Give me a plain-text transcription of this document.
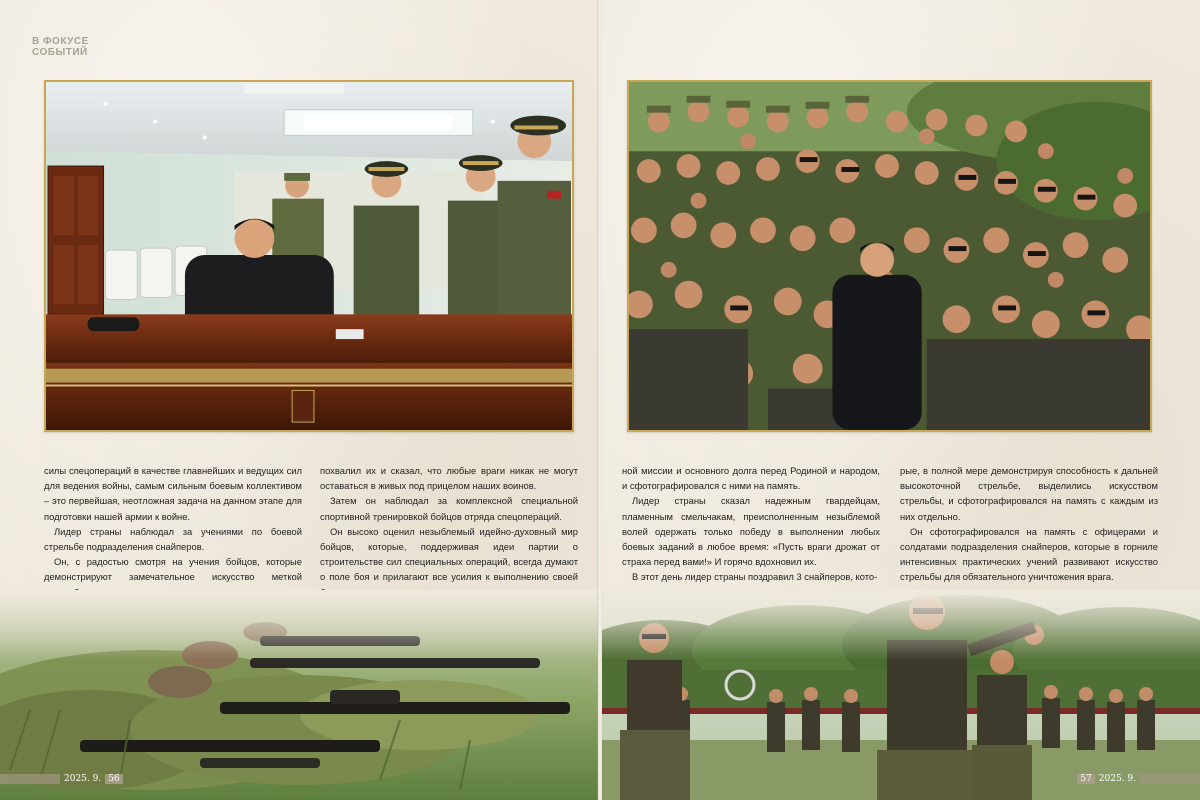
В ФОКУСЕ
СОБЫТИЙ

силы спецопераций в качестве главнейших и ведущих сил для ведения войны, самым сильным боевым коллективом – это первейшая, неотложная задача на данном этапе для подготовки нашей армии к войне.

Лидер страны наблюдал за учениями по боевой стрельбе подразделения снайперов.

Он, с радостью смотря на учения бойцов, которые демонстрируют замечательное искусство меткой

похвалил их и сказал, что любые враги никак не могут оставаться в живых под прицелом наших воинов.

Затем он наблюдал за комплексной специальной спортивной тренировкой бойцов отряда спецопераций.

Он высоко оценил незыблемый идейно-духовный мир бойцов, которые, поддерживая идеи партии о строительстве сил специальных операций, всегда думают о поле боя и прилагают все усилия к выполнению своей

2025. 9. 56

ной миссии и основного долга перед Родиной и народом, и сфотографировался с ними на память.

Лидер страны сказал надежным гвардейцам, пламенным смельчакам, преисполненным незыблемой волей одержать только победу в выполнении любых боевых заданий в любое время: «Пусть враги дрожат от страха перед вами!» И горячо вдохновил их.

В этот день лидер страны поздравил 3 снайперов, кото-

рые, в полной мере демонстрируя способность к дальней высокоточной стрельбе, выделились искусством стрельбы, и сфотографировался на память с каждым из них отдельно.

Он сфотографировался на память с офицерами и солдатами подразделения снайперов, которые в горниле интенсивных практических учений развивают искусство стрельбы для обязательного уничтожения врага.

57 2025. 9.
